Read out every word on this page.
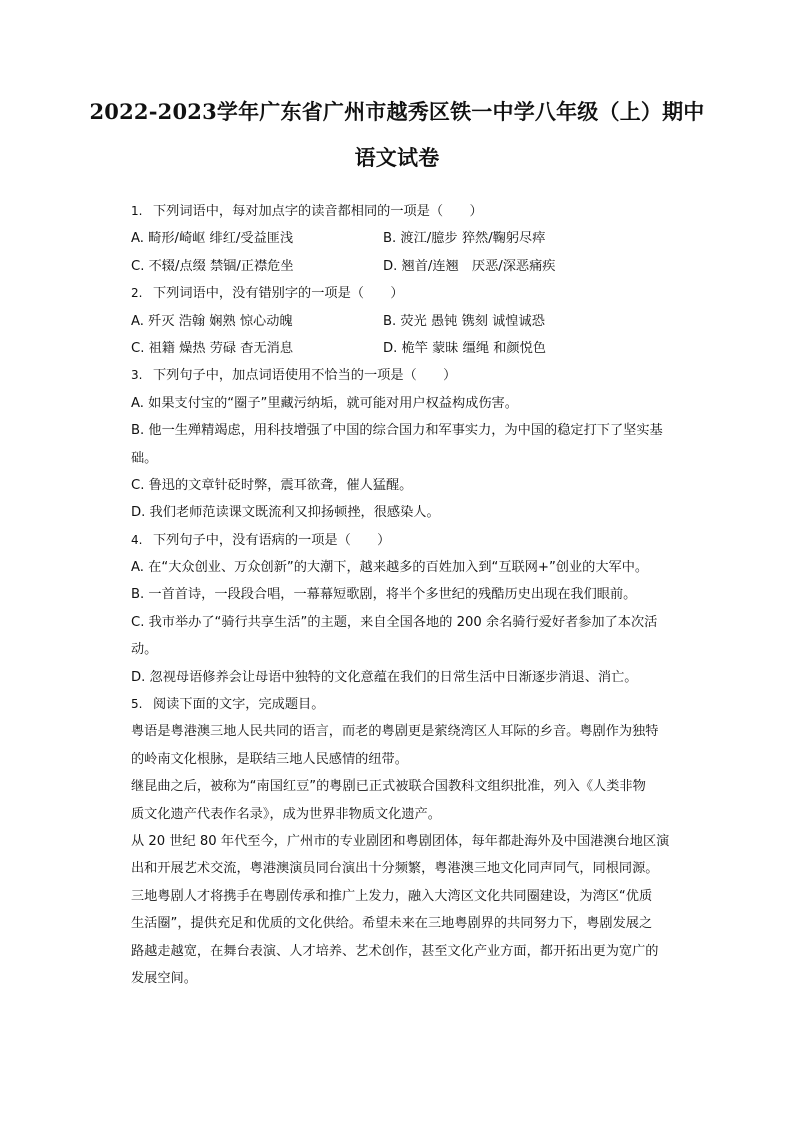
2022-2023学年广东省广州市越秀区铁一中学八年级（上）期中
语文试卷
1. 下列词语中，每对加点字的读音都相同的一项是（　　）
A. 畸形/崎岖 绯红/受益匪浅	B. 渡江/臆步 猝然/鞠躬尽瘁
C. 不辍/点缀 禁锢/正襟危坐	D. 翘首/连翘　厌恶/深恶痛疾
2. 下列词语中，没有错别字的一项是（　　）
A. 歼灭 浩翰 娴熟 惊心动魄	B. 荧光 愚钝 镌刻 诚惶诚恐
C. 祖籍 燥热 劳碌 杳无消息	D. 桅竿 蒙昧 缰绳 和颜悦色
3. 下列句子中，加点词语使用不恰当的一项是（　　）
A. 如果支付宝的“圈子”里藏污纳垢，就可能对用户权益构成伤害。
B. 他一生殚精竭虑，用科技增强了中国的综合国力和军事实力，为中国的稳定打下了坚实基
础。
C. 鲁迅的文章针砭时弊，震耳欲聋，催人猛醒。
D. 我们老师范读课文既流利又抑扬顿挫，很感染人。
4. 下列句子中，没有语病的一项是（　　）
A. 在“大众创业、万众创新”的大潮下，越来越多的百姓加入到“互联网+”创业的大军中。
B. 一首首诗，一段段合唱，一幕幕短歌剧，将半个多世纪的残酷历史出现在我们眼前。
C. 我市举办了“骑行共享生活”的主题，来自全国各地的 200 余名骑行爱好者参加了本次活
动。
D. 忽视母语修养会让母语中独特的文化意蕴在我们的日常生活中日渐逐步消退、消亡。
5. 阅读下面的文字，完成题目。
粤语是粤港澳三地人民共同的语言，而老的粤剧更是萦绕湾区人耳际的乡音。粤剧作为独特
的岭南文化根脉，是联结三地人民感情的纽带。
继昆曲之后，被称为“南国红豆”的粤剧已正式被联合国教科文组织批准，列入《人类非物
质文化遗产代表作名录》，成为世界非物质文化遗产。
从 20 世纪 80 年代至今，广州市的专业剧团和粤剧团体，每年都赴海外及中国港澳台地区演
出和开展艺术交流，粤港澳演员同台演出十分频繁，粤港澳三地文化同声同气，同根同源。
三地粤剧人才将携手在粤剧传承和推广上发力，融入大湾区文化共同圈建设，为湾区“优质
生活圈”，提供充足和优质的文化供给。希望未来在三地粤剧界的共同努力下，粤剧发展之
路越走越宽，在舞台表演、人才培养、艺术创作，甚至文化产业方面，都开拓出更为宽广的
发展空间。
